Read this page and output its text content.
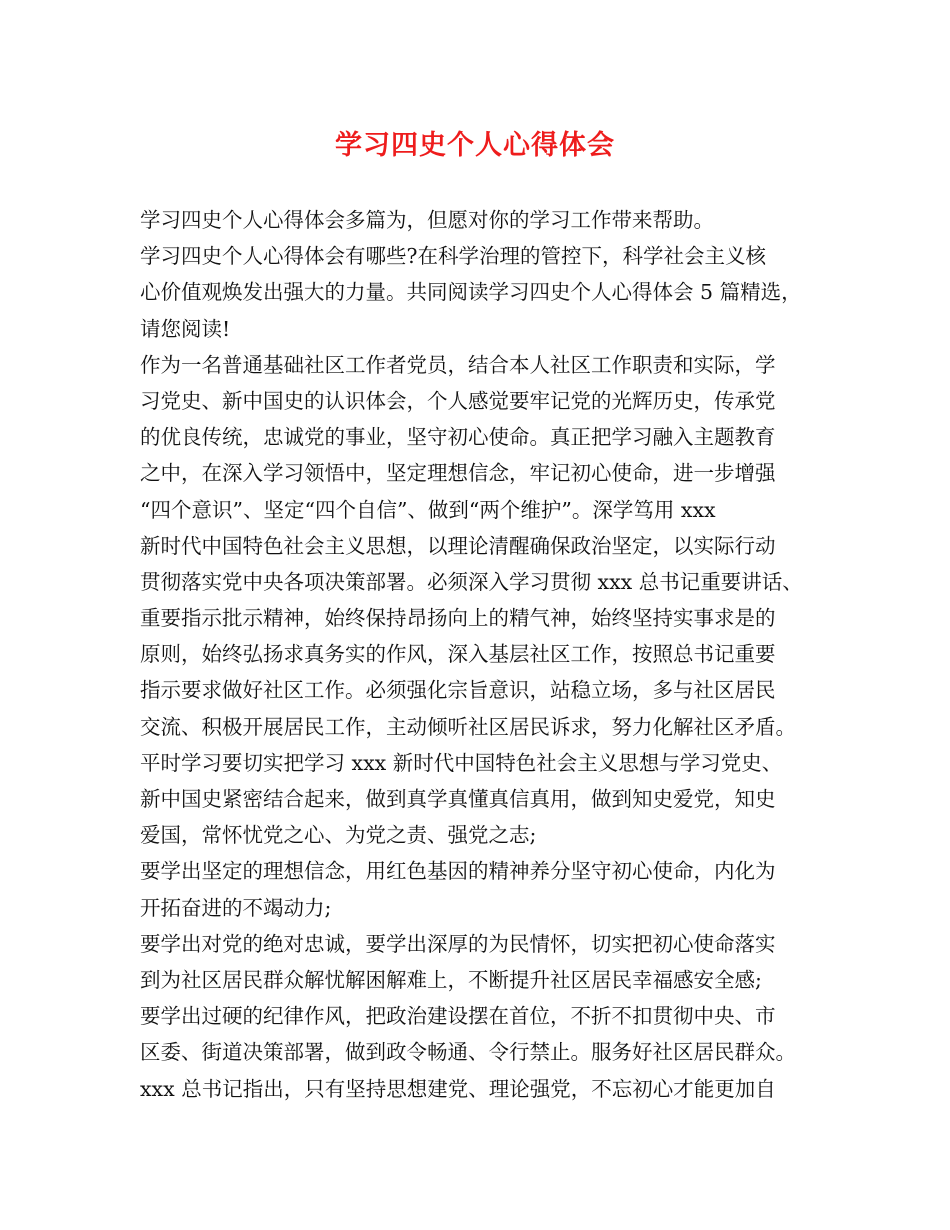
学习四史个人心得体会
学习四史个人心得体会多篇为，但愿对你的学习工作带来帮助。
学习四史个人心得体会有哪些?在科学治理的管控下，科学社会主义核
心价值观焕发出强大的力量。共同阅读学习四史个人心得体会 5 篇精选，
请您阅读!
作为一名普通基础社区工作者党员，结合本人社区工作职责和实际，学
习党史、新中国史的认识体会，个人感觉要牢记党的光辉历史，传承党
的优良传统，忠诚党的事业，坚守初心使命。真正把学习融入主题教育
之中，在深入学习领悟中，坚定理想信念，牢记初心使命，进一步增强
“四个意识”、坚定“四个自信”、做到“两个维护”。深学笃用 xxx
新时代中国特色社会主义思想，以理论清醒确保政治坚定，以实际行动
贯彻落实党中央各项决策部署。必须深入学习贯彻 xxx 总书记重要讲话、
重要指示批示精神，始终保持昂扬向上的精气神，始终坚持实事求是的
原则，始终弘扬求真务实的作风，深入基层社区工作，按照总书记重要
指示要求做好社区工作。必须强化宗旨意识，站稳立场，多与社区居民
交流、积极开展居民工作，主动倾听社区居民诉求，努力化解社区矛盾。
平时学习要切实把学习 xxx 新时代中国特色社会主义思想与学习党史、
新中国史紧密结合起来，做到真学真懂真信真用，做到知史爱党，知史
爱国，常怀忧党之心、为党之责、强党之志;
要学出坚定的理想信念，用红色基因的精神养分坚守初心使命，内化为
开拓奋进的不竭动力;
要学出对党的绝对忠诚，要学出深厚的为民情怀，切实把初心使命落实
到为社区居民群众解忧解困解难上，不断提升社区居民幸福感安全感;
要学出过硬的纪律作风，把政治建设摆在首位，不折不扣贯彻中央、市
区委、街道决策部署，做到政令畅通、令行禁止。服务好社区居民群众。
xxx 总书记指出，只有坚持思想建党、理论强党，不忘初心才能更加自
